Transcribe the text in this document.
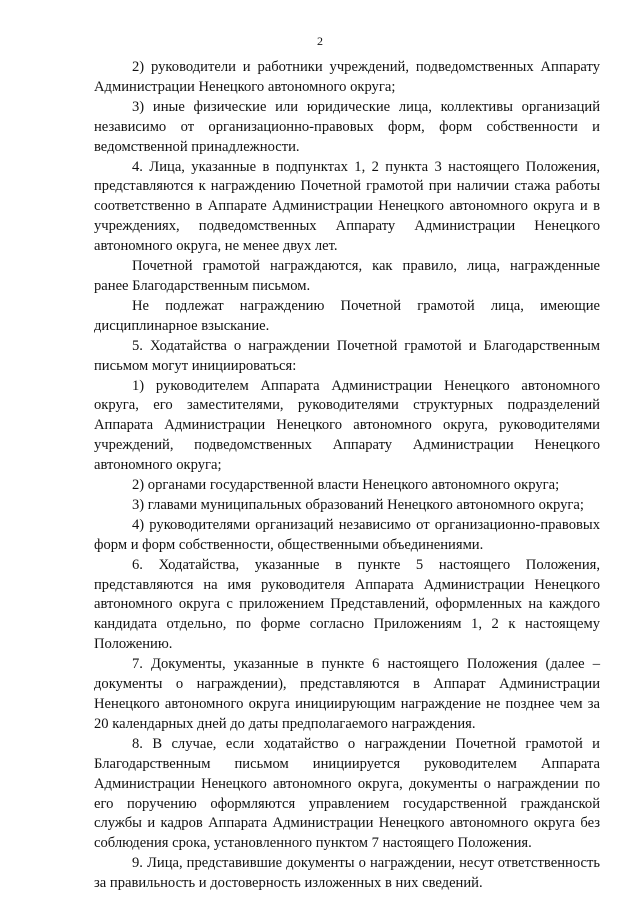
2

2) руководители и работники учреждений, подведомственных Аппарату Администрации Ненецкого автономного округа;

3) иные физические или юридические лица, коллективы организаций независимо от организационно-правовых форм, форм собственности и ведомственной принадлежности.

4. Лица, указанные в подпунктах 1, 2 пункта 3 настоящего Положения, представляются к награждению Почетной грамотой при наличии стажа работы соответственно в Аппарате Администрации Ненецкого автономного округа и в учреждениях, подведомственных Аппарату Администрации Ненецкого автономного округа, не менее двух лет.

Почетной грамотой награждаются, как правило, лица, награжденные ранее Благодарственным письмом.

Не подлежат награждению Почетной грамотой лица, имеющие дисциплинарное взыскание.

5. Ходатайства о награждении Почетной грамотой и Благодарственным письмом могут инициироваться:

1) руководителем Аппарата Администрации Ненецкого автономного округа, его заместителями, руководителями структурных подразделений Аппарата Администрации Ненецкого автономного округа, руководителями учреждений, подведомственных Аппарату Администрации Ненецкого автономного округа;

2) органами государственной власти Ненецкого автономного округа;

3) главами муниципальных образований Ненецкого автономного округа;

4) руководителями организаций независимо от организационно-правовых форм и форм собственности, общественными объединениями.

6. Ходатайства, указанные в пункте 5 настоящего Положения, представляются на имя руководителя Аппарата Администрации Ненецкого автономного округа с приложением Представлений, оформленных на каждого кандидата отдельно, по форме согласно Приложениям 1, 2 к настоящему Положению.

7. Документы, указанные в пункте 6 настоящего Положения (далее – документы о награждении), представляются в Аппарат Администрации Ненецкого автономного округа инициирующим награждение не позднее чем за 20 календарных дней до даты предполагаемого награждения.

8. В случае, если ходатайство о награждении Почетной грамотой и Благодарственным письмом инициируется руководителем Аппарата Администрации Ненецкого автономного округа, документы о награждении по его поручению оформляются управлением государственной гражданской службы и кадров Аппарата Администрации Ненецкого автономного округа без соблюдения срока, установленного пунктом 7 настоящего Положения.

9. Лица, представившие документы о награждении, несут ответственность за правильность и достоверность изложенных в них сведений.
